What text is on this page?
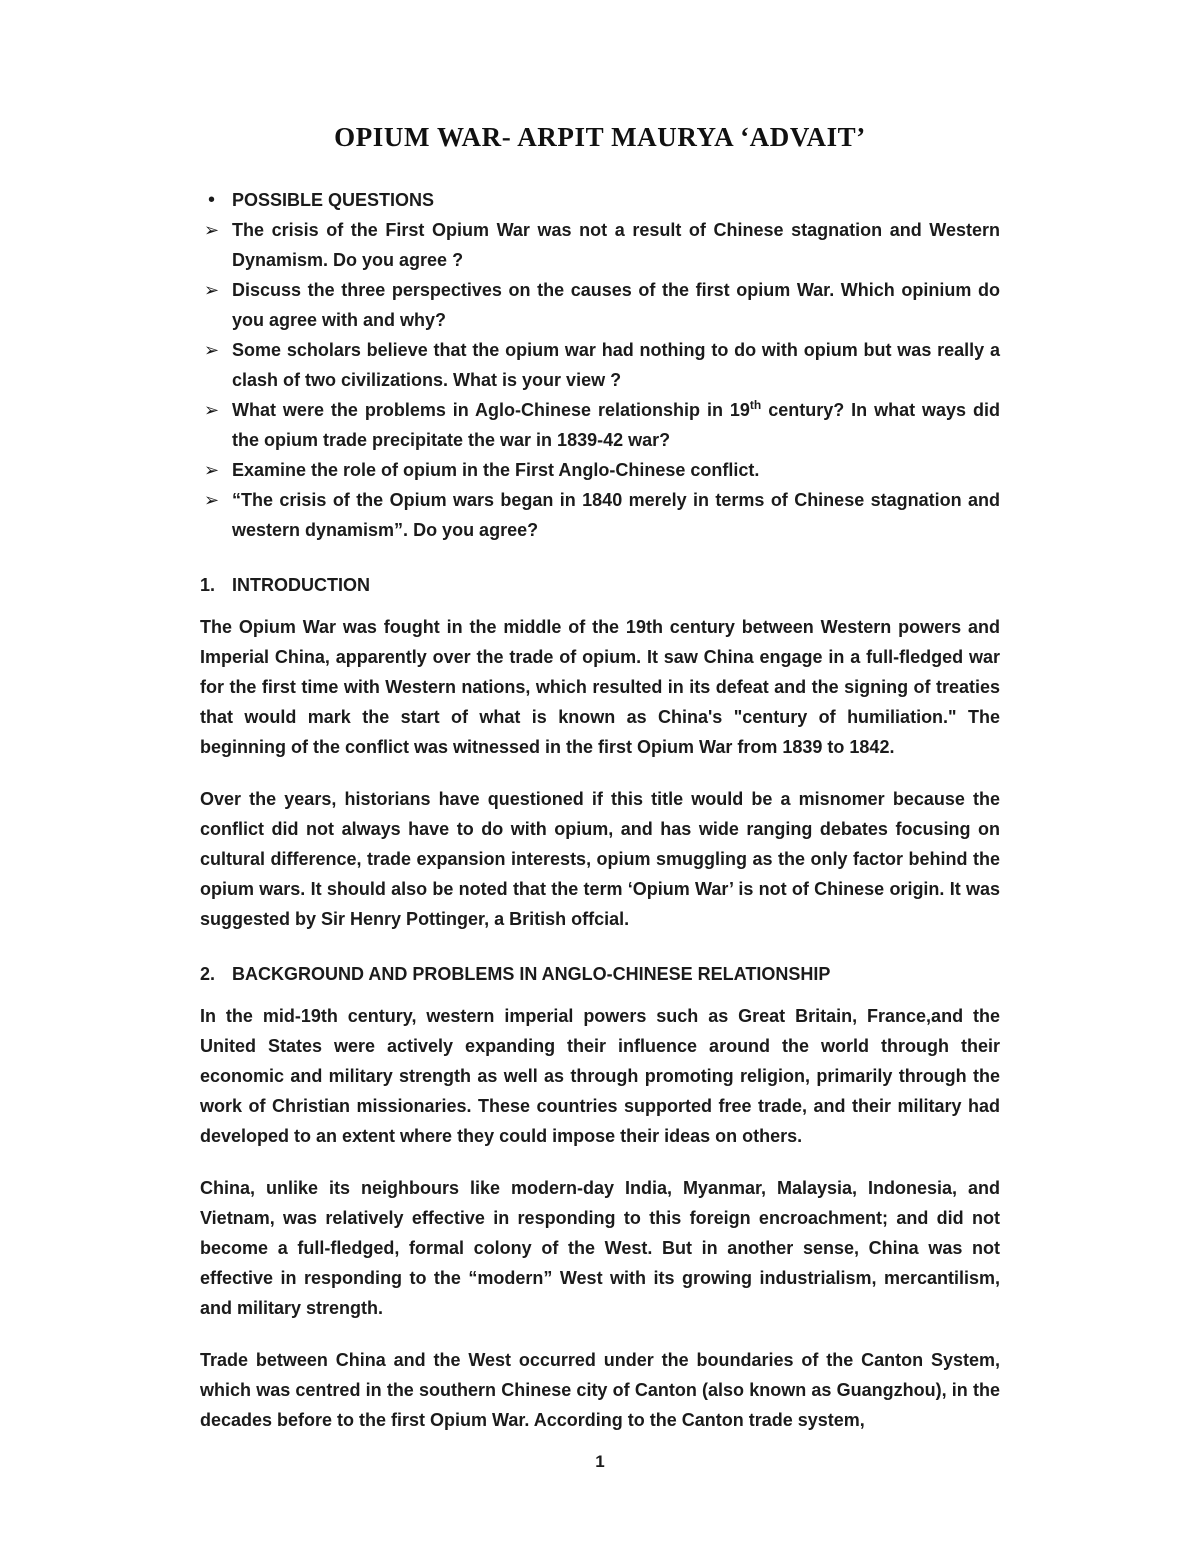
OPIUM WAR- ARPIT MAURYA ‘ADVAIT’
• POSSIBLE QUESTIONS
➢ The crisis of the First Opium War was not a result of Chinese stagnation and Western Dynamism. Do you agree ?
➢ Discuss the three perspectives on the causes of the first opium War. Which opinium do you agree with and why?
➢ Some scholars believe that the opium war had nothing to do with opium but was really a clash of two civilizations. What is your view ?
➢ What were the problems in Aglo-Chinese relationship in 19th century? In what ways did the opium trade precipitate the war in 1839-42 war?
➢ Examine the role of opium in the First Anglo-Chinese conflict.
➢ “The crisis of the Opium wars began in 1840 merely in terms of Chinese stagnation and western dynamism”. Do you agree?
1. INTRODUCTION

The Opium War was fought in the middle of the 19th century between Western powers and Imperial China, apparently over the trade of opium. It saw China engage in a full-fledged war for the first time with Western nations, which resulted in its defeat and the signing of treaties that would mark the start of what is known as China's "century of humiliation." The beginning of the conflict was witnessed in the first Opium War from 1839 to 1842.

Over the years, historians have questioned if this title would be a misnomer because the conflict did not always have to do with opium, and has wide ranging debates focusing on cultural difference, trade expansion interests, opium smuggling as the only factor behind the opium wars. It should also be noted that the term ‘Opium War’ is not of Chinese origin. It was suggested by Sir Henry Pottinger, a British offcial.

2. BACKGROUND AND PROBLEMS IN ANGLO-CHINESE RELATIONSHIP

In the mid-19th century, western imperial powers such as Great Britain, France,and the United States were actively expanding their influence around the world through their economic and military strength as well as through promoting religion, primarily through the work of Christian missionaries. These countries supported free trade, and their military had developed to an extent where they could impose their ideas on others.

China, unlike its neighbours like modern-day India, Myanmar, Malaysia, Indonesia, and Vietnam, was relatively effective in responding to this foreign encroachment; and did not become a full-fledged, formal colony of the West. But in another sense, China was not effective in responding to the “modern” West with its growing industrialism, mercantilism, and military strength.

Trade between China and the West occurred under the boundaries of the Canton System, which was centred in the southern Chinese city of Canton (also known as Guangzhou), in the decades before to the first Opium War. According to the Canton trade system,

1
